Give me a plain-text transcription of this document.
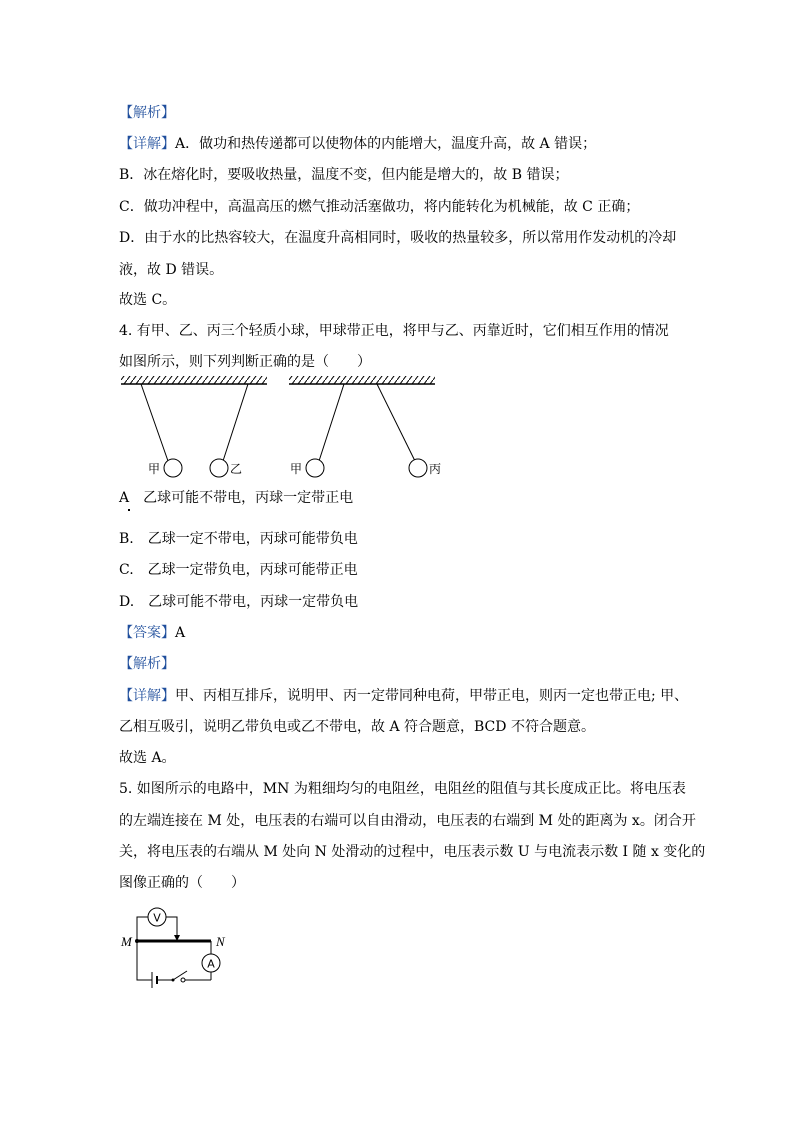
【解析】
【详解】A．做功和热传递都可以使物体的内能增大，温度升高，故 A 错误；
B．冰在熔化时，要吸收热量，温度不变，但内能是增大的，故 B 错误；
C．做功冲程中，高温高压的燃气推动活塞做功，将内能转化为机械能，故 C 正确；
D．由于水的比热容较大，在温度升高相同时，吸收的热量较多，所以常用作发动机的冷却
液，故 D 错误。
故选 C。
4. 有甲、乙、丙三个轻质小球，甲球带正电，将甲与乙、丙靠近时，它们相互作用的情况
如图所示，则下列判断正确的是（　　）
甲	乙	甲	丙
A　乙球可能不带电，丙球一定带正电
B.　乙球一定不带电，丙球可能带负电
C.　乙球一定带负电，丙球可能带正电
D.　乙球可能不带电，丙球一定带负电
【答案】A
【解析】
【详解】甲、丙相互排斥，说明甲、丙一定带同种电荷，甲带正电，则丙一定也带正电; 甲、
乙相互吸引，说明乙带负电或乙不带电，故 A 符合题意，BCD 不符合题意。
故选 A。
5. 如图所示的电路中，MN 为粗细均匀的电阻丝，电阻丝的阻值与其长度成正比。将电压表
的左端连接在 M 处，电压表的右端可以自由滑动，电压表的右端到 M 处的距离为 x。闭合开
关，将电压表的右端从 M 处向 N 处滑动的过程中，电压表示数 U 与电流表示数 I 随 x 变化的
图像正确的（　　）
V
M	N
A
